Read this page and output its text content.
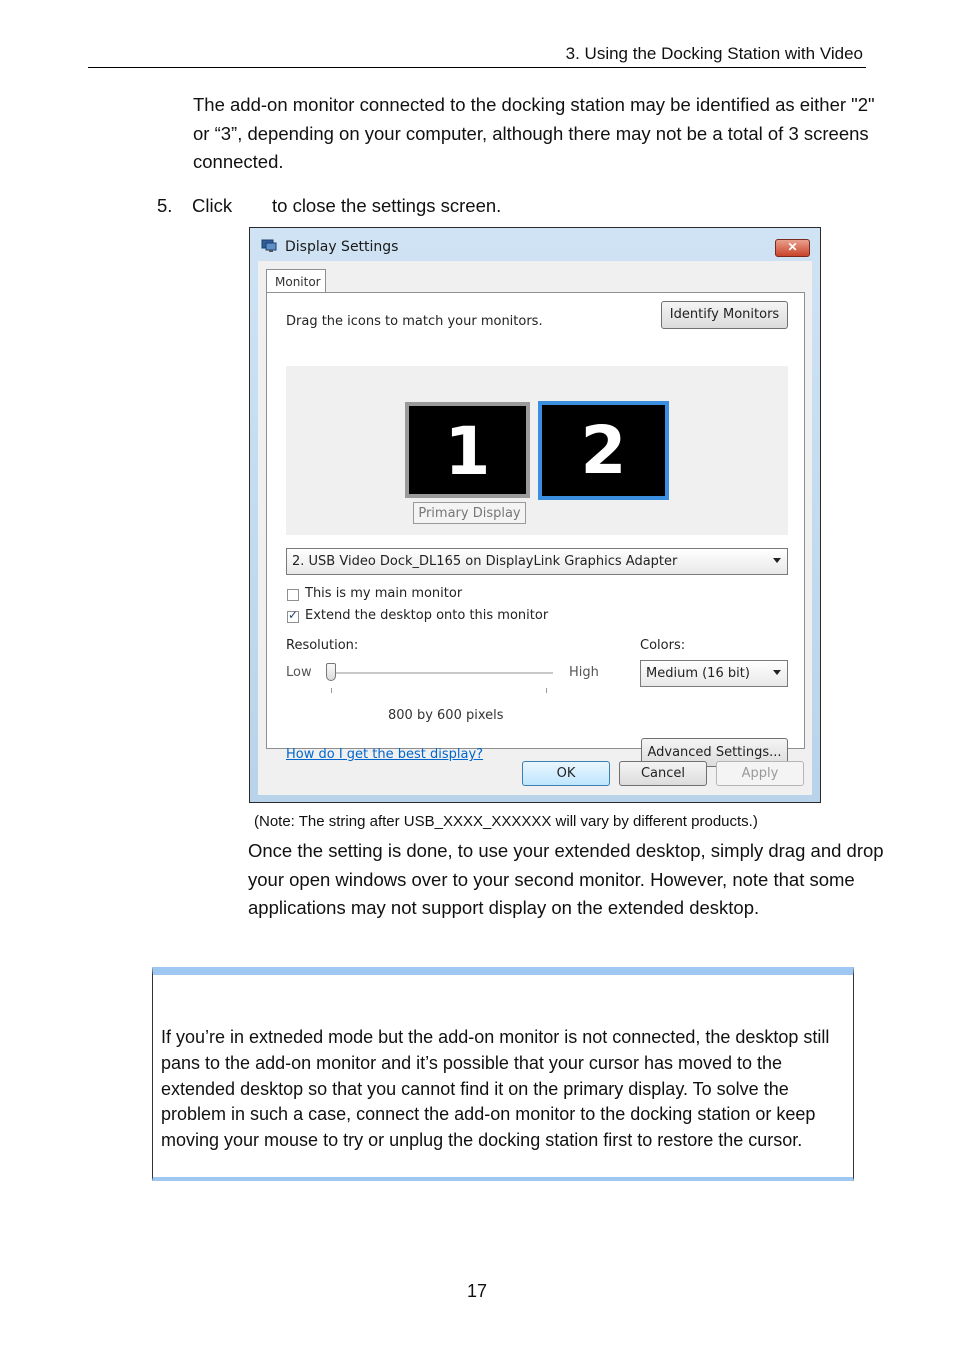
3. Using the Docking Station with Video
The add-on monitor connected to the docking station may be identified as either "2" or “3”, depending on your computer, although there may not be a total of 3 screens connected.
5. Click to close the settings screen.
Display Settings	✕
Monitor
Drag the icons to match your monitors.	Identify Monitors
1	2
Primary Display
2. USB Video Dock_DL165 on DisplayLink Graphics Adapter
This is my main monitor
✓
Extend the desktop onto this monitor
Resolution:
Low	High
800 by 600 pixels
Colors:
Medium (16 bit)
How do I get the best display?	Advanced Settings...
OK	Cancel	Apply
(Note: The string after USB_XXXX_XXXXXX will vary by different products.)
Once the setting is done, to use your extended desktop, simply drag and drop your open windows over to your second monitor. However, note that some applications may not support display on the extended desktop.
If you’re in extneded mode but the add-on monitor is not connected, the desktop still pans to the add-on monitor and it’s possible that your cursor has moved to the extended desktop so that you cannot find it on the primary display. To solve the problem in such a case, connect the add-on monitor to the docking station or keep moving your mouse to try or unplug the docking station first to restore the cursor.
17
